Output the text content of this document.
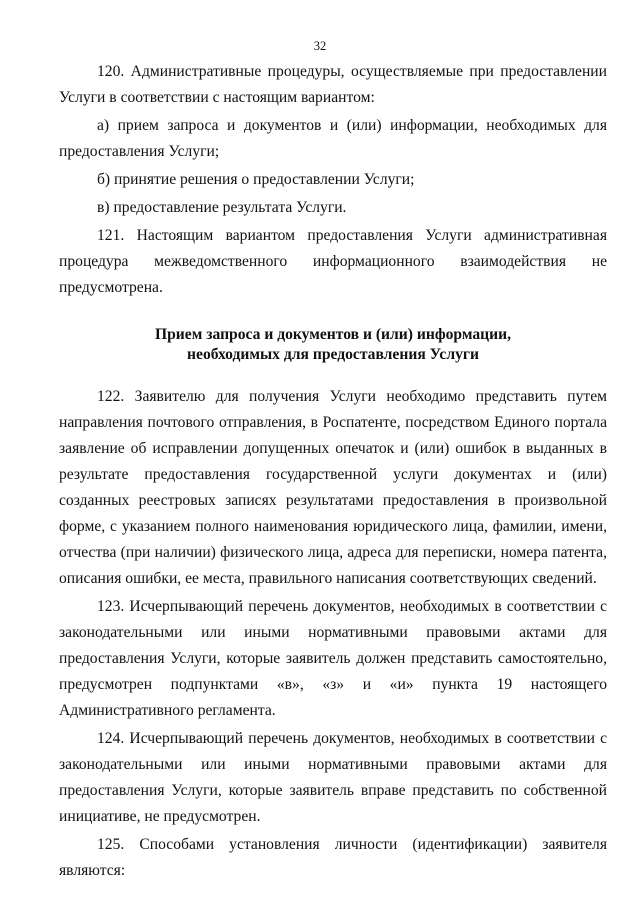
32

120. Административные процедуры, осуществляемые при предоставлении Услуги в соответствии с настоящим вариантом:

а) прием запроса и документов и (или) информации, необходимых для предоставления Услуги;

б) принятие решения о предоставлении Услуги;

в) предоставление результата Услуги.

121. Настоящим вариантом предоставления Услуги административная процедура межведомственного информационного взаимодействия не предусмотрена.

Прием запроса и документов и (или) информации,
необходимых для предоставления Услуги

122. Заявителю для получения Услуги необходимо представить путем направления почтового отправления, в Роспатенте, посредством Единого портала заявление об исправлении допущенных опечаток и (или) ошибок в выданных в результате предоставления государственной услуги документах и (или) созданных реестровых записях результатами предоставления в произвольной форме, с указанием полного наименования юридического лица, фамилии, имени, отчества (при наличии) физического лица, адреса для переписки, номера патента, описания ошибки, ее места, правильного написания соответствующих сведений.

123. Исчерпывающий перечень документов, необходимых в соответствии с законодательными или иными нормативными правовыми актами для предоставления Услуги, которые заявитель должен представить самостоятельно, предусмотрен подпунктами «в», «з» и «и» пункта 19 настоящего Административного регламента.

124. Исчерпывающий перечень документов, необходимых в соответствии с законодательными или иными нормативными правовыми актами для предоставления Услуги, которые заявитель вправе представить по собственной инициативе, не предусмотрен.

125. Способами установления личности (идентификации) заявителя являются:
